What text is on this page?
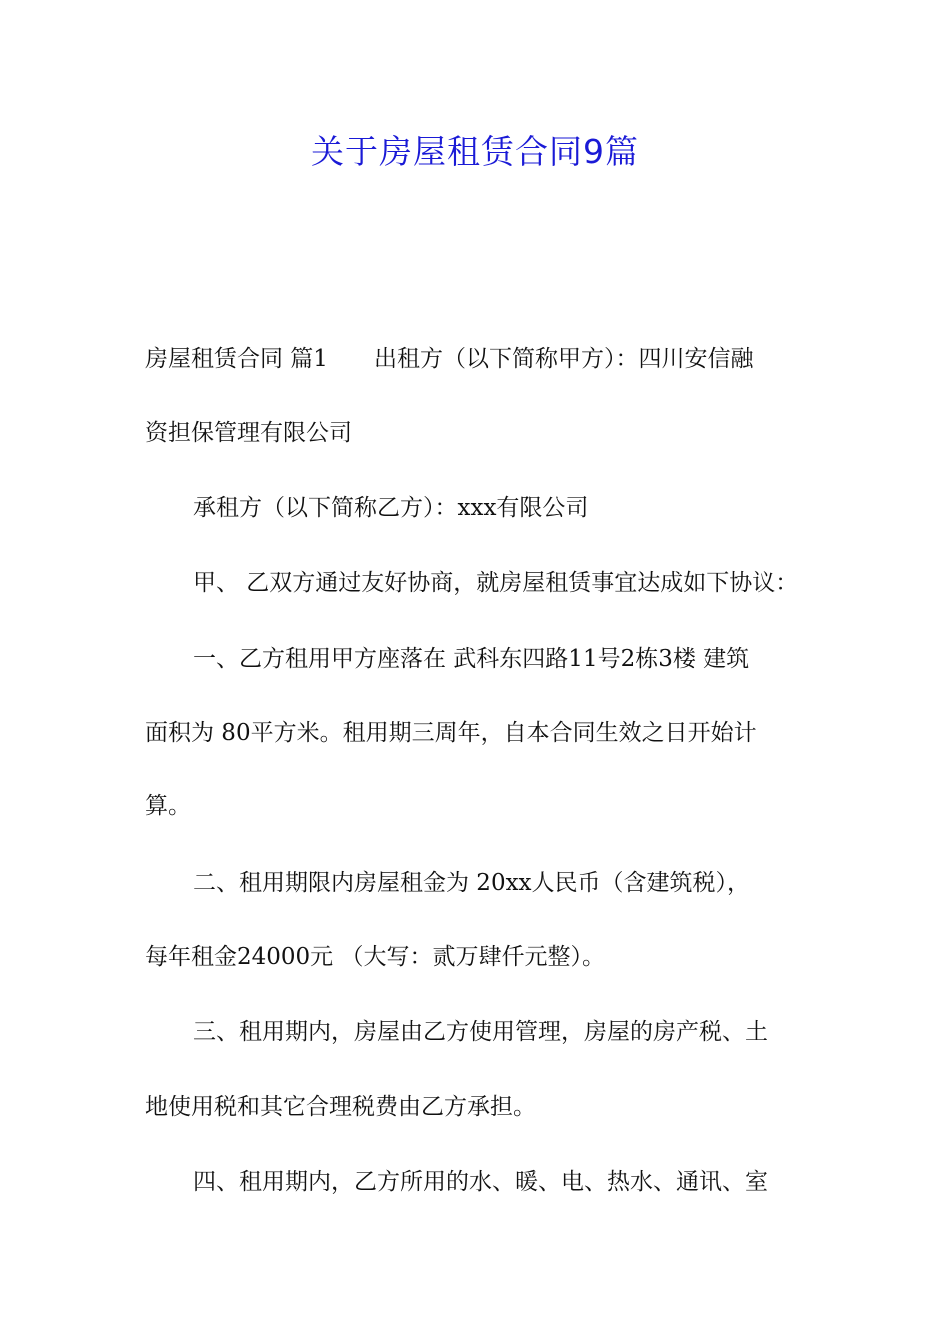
关于房屋租赁合同9篇
房屋租赁合同 篇1　　出租方（以下简称甲方）：四川安信融
资担保管理有限公司
承租方（以下简称乙方）：xxx有限公司
甲、 乙双方通过友好协商，就房屋租赁事宜达成如下协议：
一、乙方租用甲方座落在 武科东四路11号2栋3楼 建筑
面积为 80平方米。租用期三周年，自本合同生效之日开始计
算。
二、租用期限内房屋租金为 20xx人民币（含建筑税），
每年租金24000元 （大写：贰万肆仟元整）。
三、租用期内，房屋由乙方使用管理，房屋的房产税、土
地使用税和其它合理税费由乙方承担。
四、租用期内，乙方所用的水、暖、电、热水、通讯、室
